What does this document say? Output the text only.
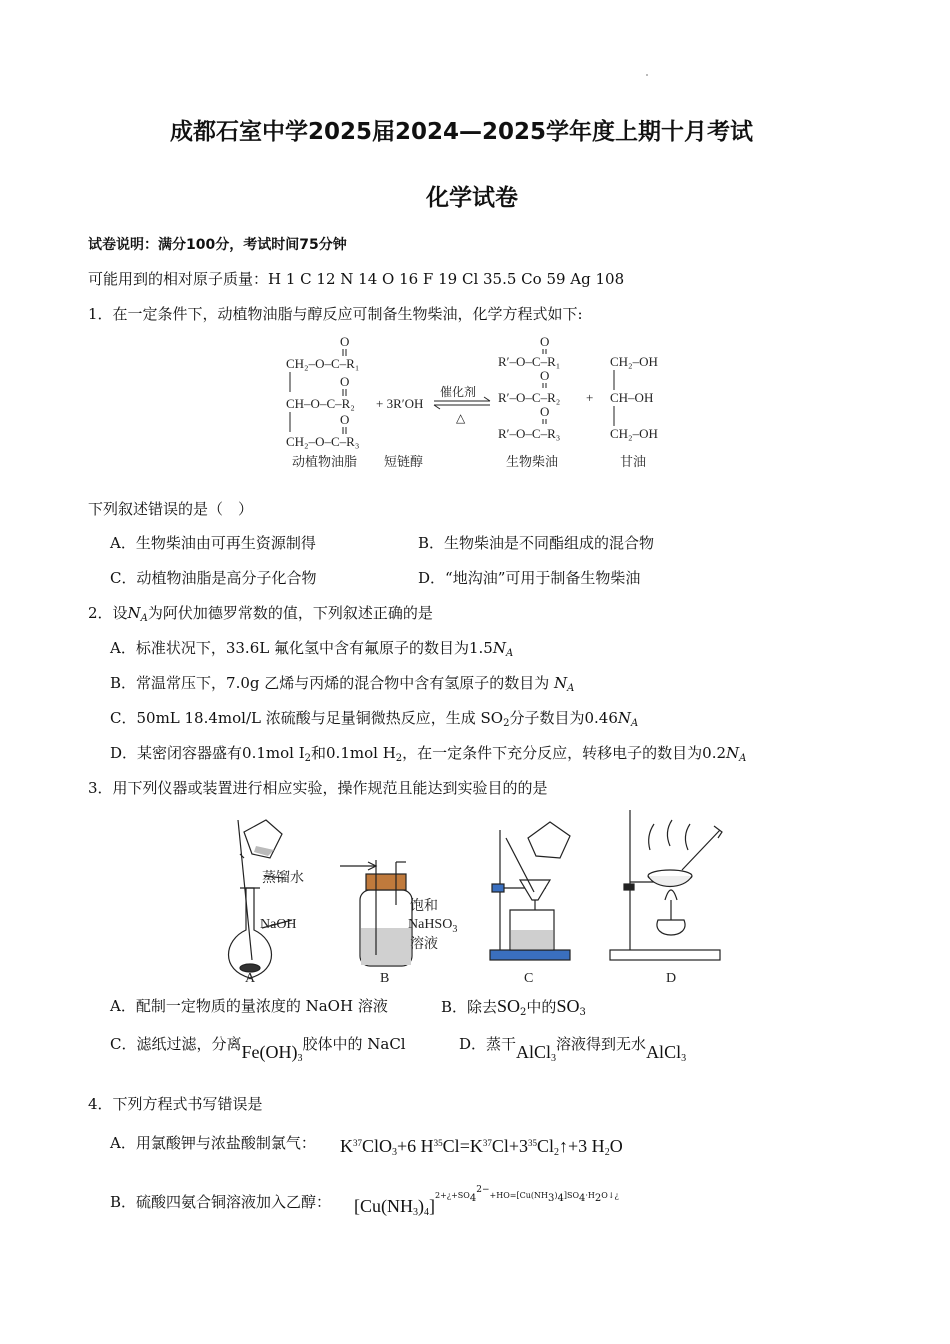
成都石室中学2025届2024—2025学年度上期十月考试
化学试卷
试卷说明：满分100分，考试时间75分钟
可能用到的相对原子质量：H 1 C 12 N 14 O 16 F 19 Cl 35.5 Co 59 Ag 108
1．在一定条件下，动植物油脂与醇反应可制备生物柴油，化学方程式如下:
O
CH₂–O–C–R₁
O
CH–O–C–R₂
O
CH₂–O–C–R₃
+ 3R′OH
催化剂
△
O
R′–O–C–R₁
O
R′–O–C–R₂
O
R′–O–C–R₃
+
CH₂–OH
CH–OH
CH₂–OH
动植物油脂 短链醇	生物柴油	甘油
下列叙述错误的是（　）
A．生物柴油由可再生资源制得	B．生物柴油是不同酯组成的混合物
C．动植物油脂是高分子化合物	D．“地沟油”可用于制备生物柴油
2．设$N_A$为阿伏加德罗常数的值，下列叙述正确的是
A．标准状况下，33.6L 氟化氢中含有氟原子的数目为$1.5N_A$
B．常温常压下，7.0g 乙烯与丙烯的混合物中含有氢原子的数目为 $N_A$
C．50mL 18.4mol/L 浓硫酸与足量铜微热反应，生成 $SO_2$分子数目为$0.46N_A$
D．某密闭容器盛有0.1mol $I_2$和0.1mol $H_2$，在一定条件下充分反应，转移电子的数目为$0.2N_A$
3．用下列仪器或装置进行相应实验，操作规范且能达到实验目的的是
蒸馏水
NaOH
饱和
NaHSO$_3$
溶液
A	B	C	D
A．配制一定物质的量浓度的 NaOH 溶液	B．除去$SO_2$中的$SO_3$
C．滤纸过滤，分离$Fe(OH)_3$胶体中的 NaCl	D．蒸干AlCl$_3$溶液得到无水AlCl$_3$
4．下列方程式书写错误是
A．用氯酸钾与浓盐酸制氯气： $K^{37}ClO_3+6$ $H^{35}Cl=K^{37}Cl+3^{35}Cl_2↑+3$ $H_2O$
B．硫酸四氨合铜溶液加入乙醇： $[Cu(NH_3)_4]^{2+¿+SO_4^{2-}+HO=[Cu(NH_3)_4]SO_4\cdot H_2O↓¿}$
